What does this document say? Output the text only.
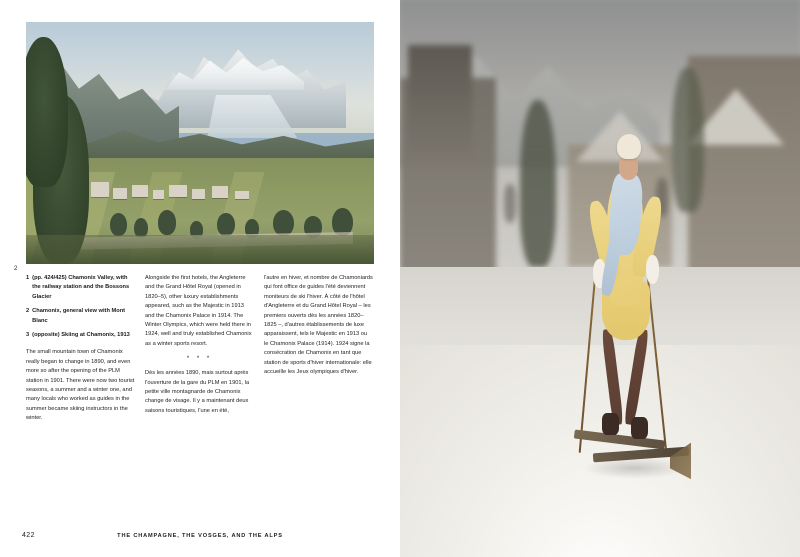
2
1 (pp. 424/425) Chamonix Valley, with the railway station and the Bossons Glacier
2 Chamonix, general view with Mont Blanc
3 (opposite) Skiing at Chamonix, 1913

The small mountain town of Chamonix really began to change in 1890, and even more so after the opening of the PLM station in 1901. There were now two tourist seasons, a summer and a winter one, and many locals who worked as guides in the summer became skiing instructors in the winter.

Alongside the first hotels, the Angleterre and the Grand Hôtel Royal (opened in 1820–5), other luxury establishments appeared, such as the Majestic in 1913 and the Chamonix Palace in 1914. The Winter Olympics, which were held there in 1924, well and truly established Chamonix as a winter sports resort.

* * *

Dès les années 1890, mais surtout après l'ouverture de la gare du PLM en 1901, la petite ville montagnarde de Chamonix change de visage. Il y a maintenant deux saisons touristiques, l'une en été,

l'autre en hiver, et nombre de Chamoniards qui font office de guides l'été deviennent moniteurs de ski l'hiver. À côté de l'hôtel d'Angleterre et du Grand Hôtel Royal – les premiers ouverts dès les années 1820–1825 –, d'autres établissements de luxe apparaissent, tels le Majestic en 1913 ou le Chamonix Palace (1914). 1924 signe la consécration de Chamonix en tant que station de sports d'hiver internationale: elle accueille les Jeux olympiques d'hiver.

422	THE CHAMPAGNE, THE VOSGES, AND THE ALPS
